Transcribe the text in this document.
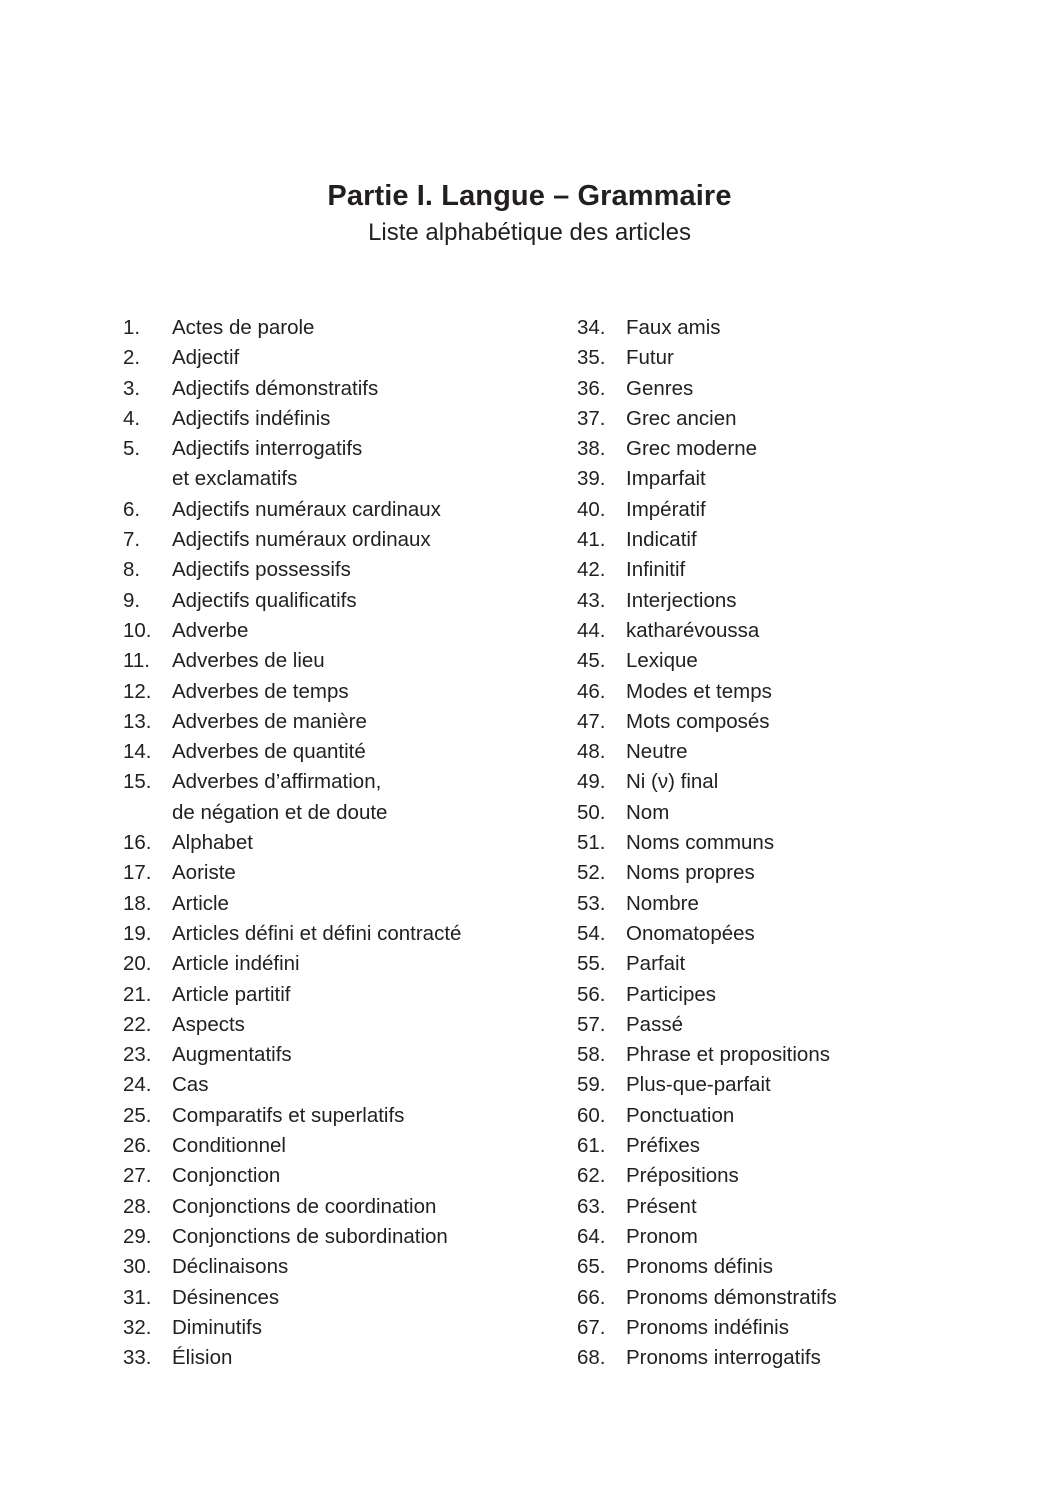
Partie I. Langue – Grammaire
Liste alphabétique des articles
1.	Actes de parole
2.	Adjectif
3.	Adjectifs démonstratifs
4.	Adjectifs indéfinis
5.	Adjectifs interrogatifs
et exclamatifs
6.	Adjectifs numéraux cardinaux
7.	Adjectifs numéraux ordinaux
8.	Adjectifs possessifs
9.	Adjectifs qualificatifs
10.	Adverbe
11.	Adverbes de lieu
12.	Adverbes de temps
13.	Adverbes de manière
14.	Adverbes de quantité
15.	Adverbes d’affirmation,
de négation et de doute
16.	Alphabet
17.	Aoriste
18.	Article
19.	Articles défini et défini contracté
20.	Article indéfini
21.	Article partitif
22.	Aspects
23.	Augmentatifs
24.	Cas
25.	Comparatifs et superlatifs
26.	Conditionnel
27.	Conjonction
28.	Conjonctions de coordination
29.	Conjonctions de subordination
30.	Déclinaisons
31.	Désinences
32.	Diminutifs
33.	Élision
34.	Faux amis
35.	Futur
36.	Genres
37.	Grec ancien
38.	Grec moderne
39.	Imparfait
40.	Impératif
41.	Indicatif
42.	Infinitif
43.	Interjections
44.	katharévoussa
45.	Lexique
46.	Modes et temps
47.	Mots composés
48.	Neutre
49.	Ni (ν) final
50.	Nom
51.	Noms communs
52.	Noms propres
53.	Nombre
54.	Onomatopées
55.	Parfait
56.	Participes
57.	Passé
58.	Phrase et propositions
59.	Plus-que-parfait
60.	Ponctuation
61.	Préfixes
62.	Prépositions
63.	Présent
64.	Pronom
65.	Pronoms définis
66.	Pronoms démonstratifs
67.	Pronoms indéfinis
68.	Pronoms interrogatifs
